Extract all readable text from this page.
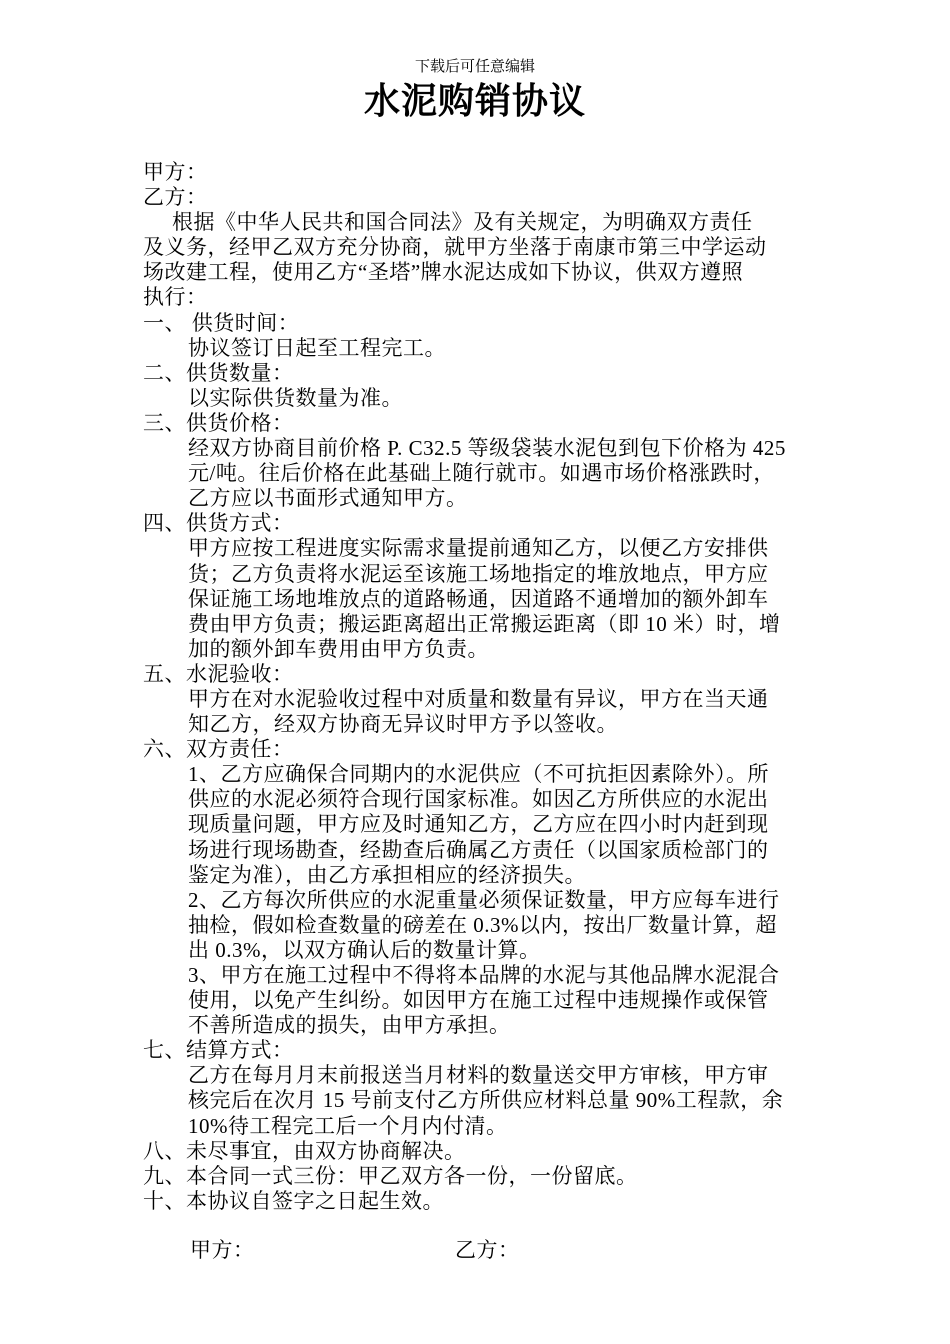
下载后可任意编辑
水泥购销协议
甲方：
乙方：
根据《中华人民共和国合同法》及有关规定，为明确双方责任
及义务，经甲乙双方充分协商，就甲方坐落于南康市第三中学运动
场改建工程，使用乙方“圣塔”牌水泥达成如下协议，供双方遵照
执行：
一、 供货时间：
协议签订日起至工程完工。
二、供货数量：
以实际供货数量为准。
三、供货价格：
经双方协商目前价格 P. C32.5 等级袋装水泥包到包下价格为 425
元/吨。往后价格在此基础上随行就市。如遇市场价格涨跌时，
乙方应以书面形式通知甲方。
四、供货方式：
甲方应按工程进度实际需求量提前通知乙方，以便乙方安排供
货；乙方负责将水泥运至该施工场地指定的堆放地点，甲方应
保证施工场地堆放点的道路畅通，因道路不通增加的额外卸车
费由甲方负责；搬运距离超出正常搬运距离（即 10 米）时，增
加的额外卸车费用由甲方负责。
五、水泥验收：
甲方在对水泥验收过程中对质量和数量有异议，甲方在当天通
知乙方，经双方协商无异议时甲方予以签收。
六、双方责任：
1、乙方应确保合同期内的水泥供应（不可抗拒因素除外）。所
供应的水泥必须符合现行国家标准。如因乙方所供应的水泥出
现质量问题，甲方应及时通知乙方，乙方应在四小时内赶到现
场进行现场勘查，经勘查后确属乙方责任（以国家质检部门的
鉴定为准），由乙方承担相应的经济损失。
2、乙方每次所供应的水泥重量必须保证数量，甲方应每车进行
抽检，假如检查数量的磅差在 0.3%以内，按出厂数量计算，超
出 0.3%，以双方确认后的数量计算。
3、甲方在施工过程中不得将本品牌的水泥与其他品牌水泥混合
使用，以免产生纠纷。如因甲方在施工过程中违规操作或保管
不善所造成的损失，由甲方承担。
七、结算方式：
乙方在每月月末前报送当月材料的数量送交甲方审核，甲方审
核完后在次月 15 号前支付乙方所供应材料总量 90%工程款，余
10%待工程完工后一个月内付清。
八、未尽事宜，由双方协商解决。
九、本合同一式三份：甲乙双方各一份，一份留底。
十、本协议自签字之日起生效。
甲方：	乙方：
